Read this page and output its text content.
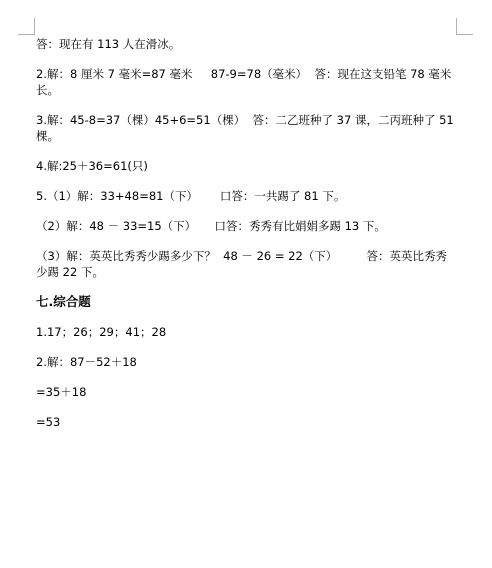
答：现在有 113 人在滑冰。
2.解：8 厘米 7 毫米=87 毫米     87-9=78（毫米）  答：现在这支铅笔 78 毫米长。
3.解：45-8=37（棵）45+6=51（棵）  答：二乙班种了 37 课，二丙班种了 51 棵。
4.解:25＋36=61(只)
5.（1）解：33+48=81（下）      口答：一共踢了 81 下。
（2）解：48 － 33=15（下）     口答：秀秀有比娟娟多踢 13 下。
（3）解：英英比秀秀少踢多少下？  48 － 26 = 22（下）        答：英英比秀秀少踢 22 下。
七.综合题
1.17；26；29；41；28
2.解：87－52＋18
=35＋18
=53
